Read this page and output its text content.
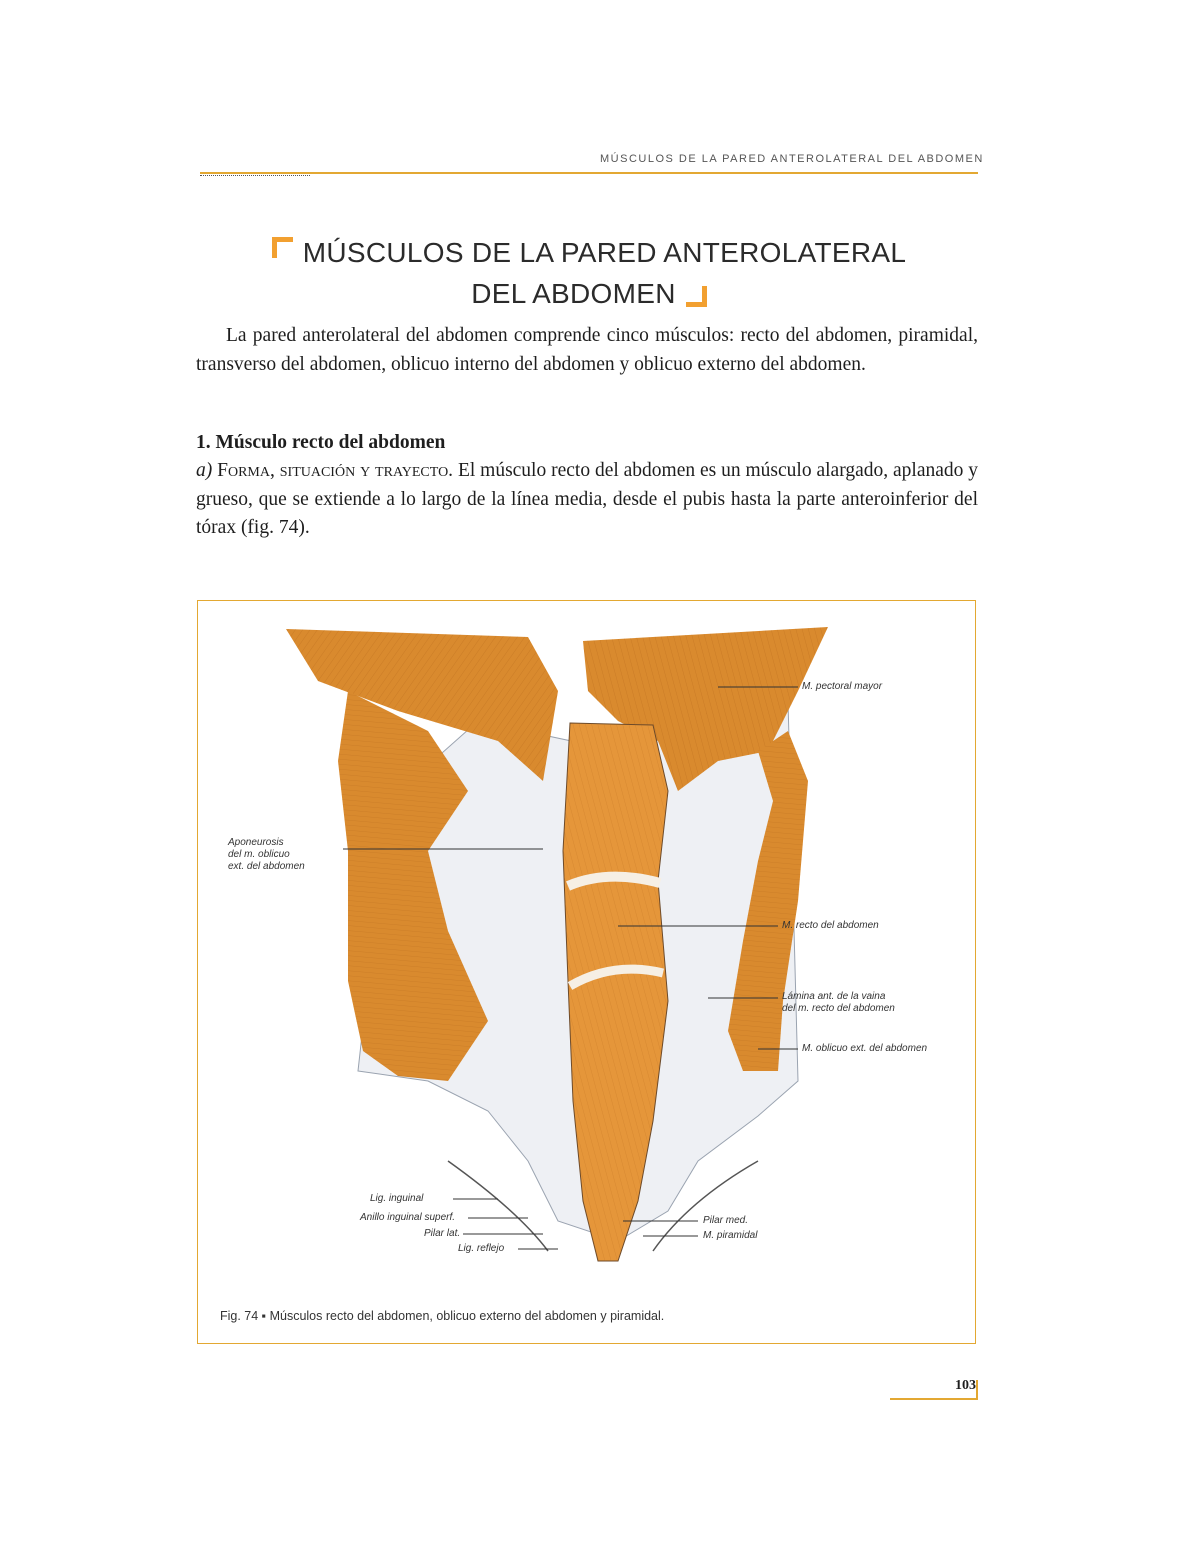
MÚSCULOS DE LA PARED ANTEROLATERAL DEL ABDOMEN
MÚSCULOS DE LA PARED ANTEROLATERAL
DEL ABDOMEN

La pared anterolateral del abdomen comprende cinco músculos: recto del abdomen, piramidal, transverso del abdomen, oblicuo interno del abdomen y oblicuo externo del abdomen.

1. Músculo recto del abdomen

a) Forma, situación y trayecto. El músculo recto del abdomen es un músculo alargado, aplanado y grueso, que se extiende a lo largo de la línea media, desde el pubis hasta la parte anteroinferior del tórax (fig. 74).

M. pectoral mayor
Aponeurosis
del m. oblicuo
ext. del abdomen
M. recto del abdomen
Lámina ant. de la vaina
del m. recto del abdomen
M. oblicuo ext. del abdomen
Lig. inguinal
Anillo inguinal superf.
Pilar lat.
Lig. reflejo
Pilar med.
M. piramidal
Fig. 74 ▪ Músculos recto del abdomen, oblicuo externo del abdomen y piramidal.
103
